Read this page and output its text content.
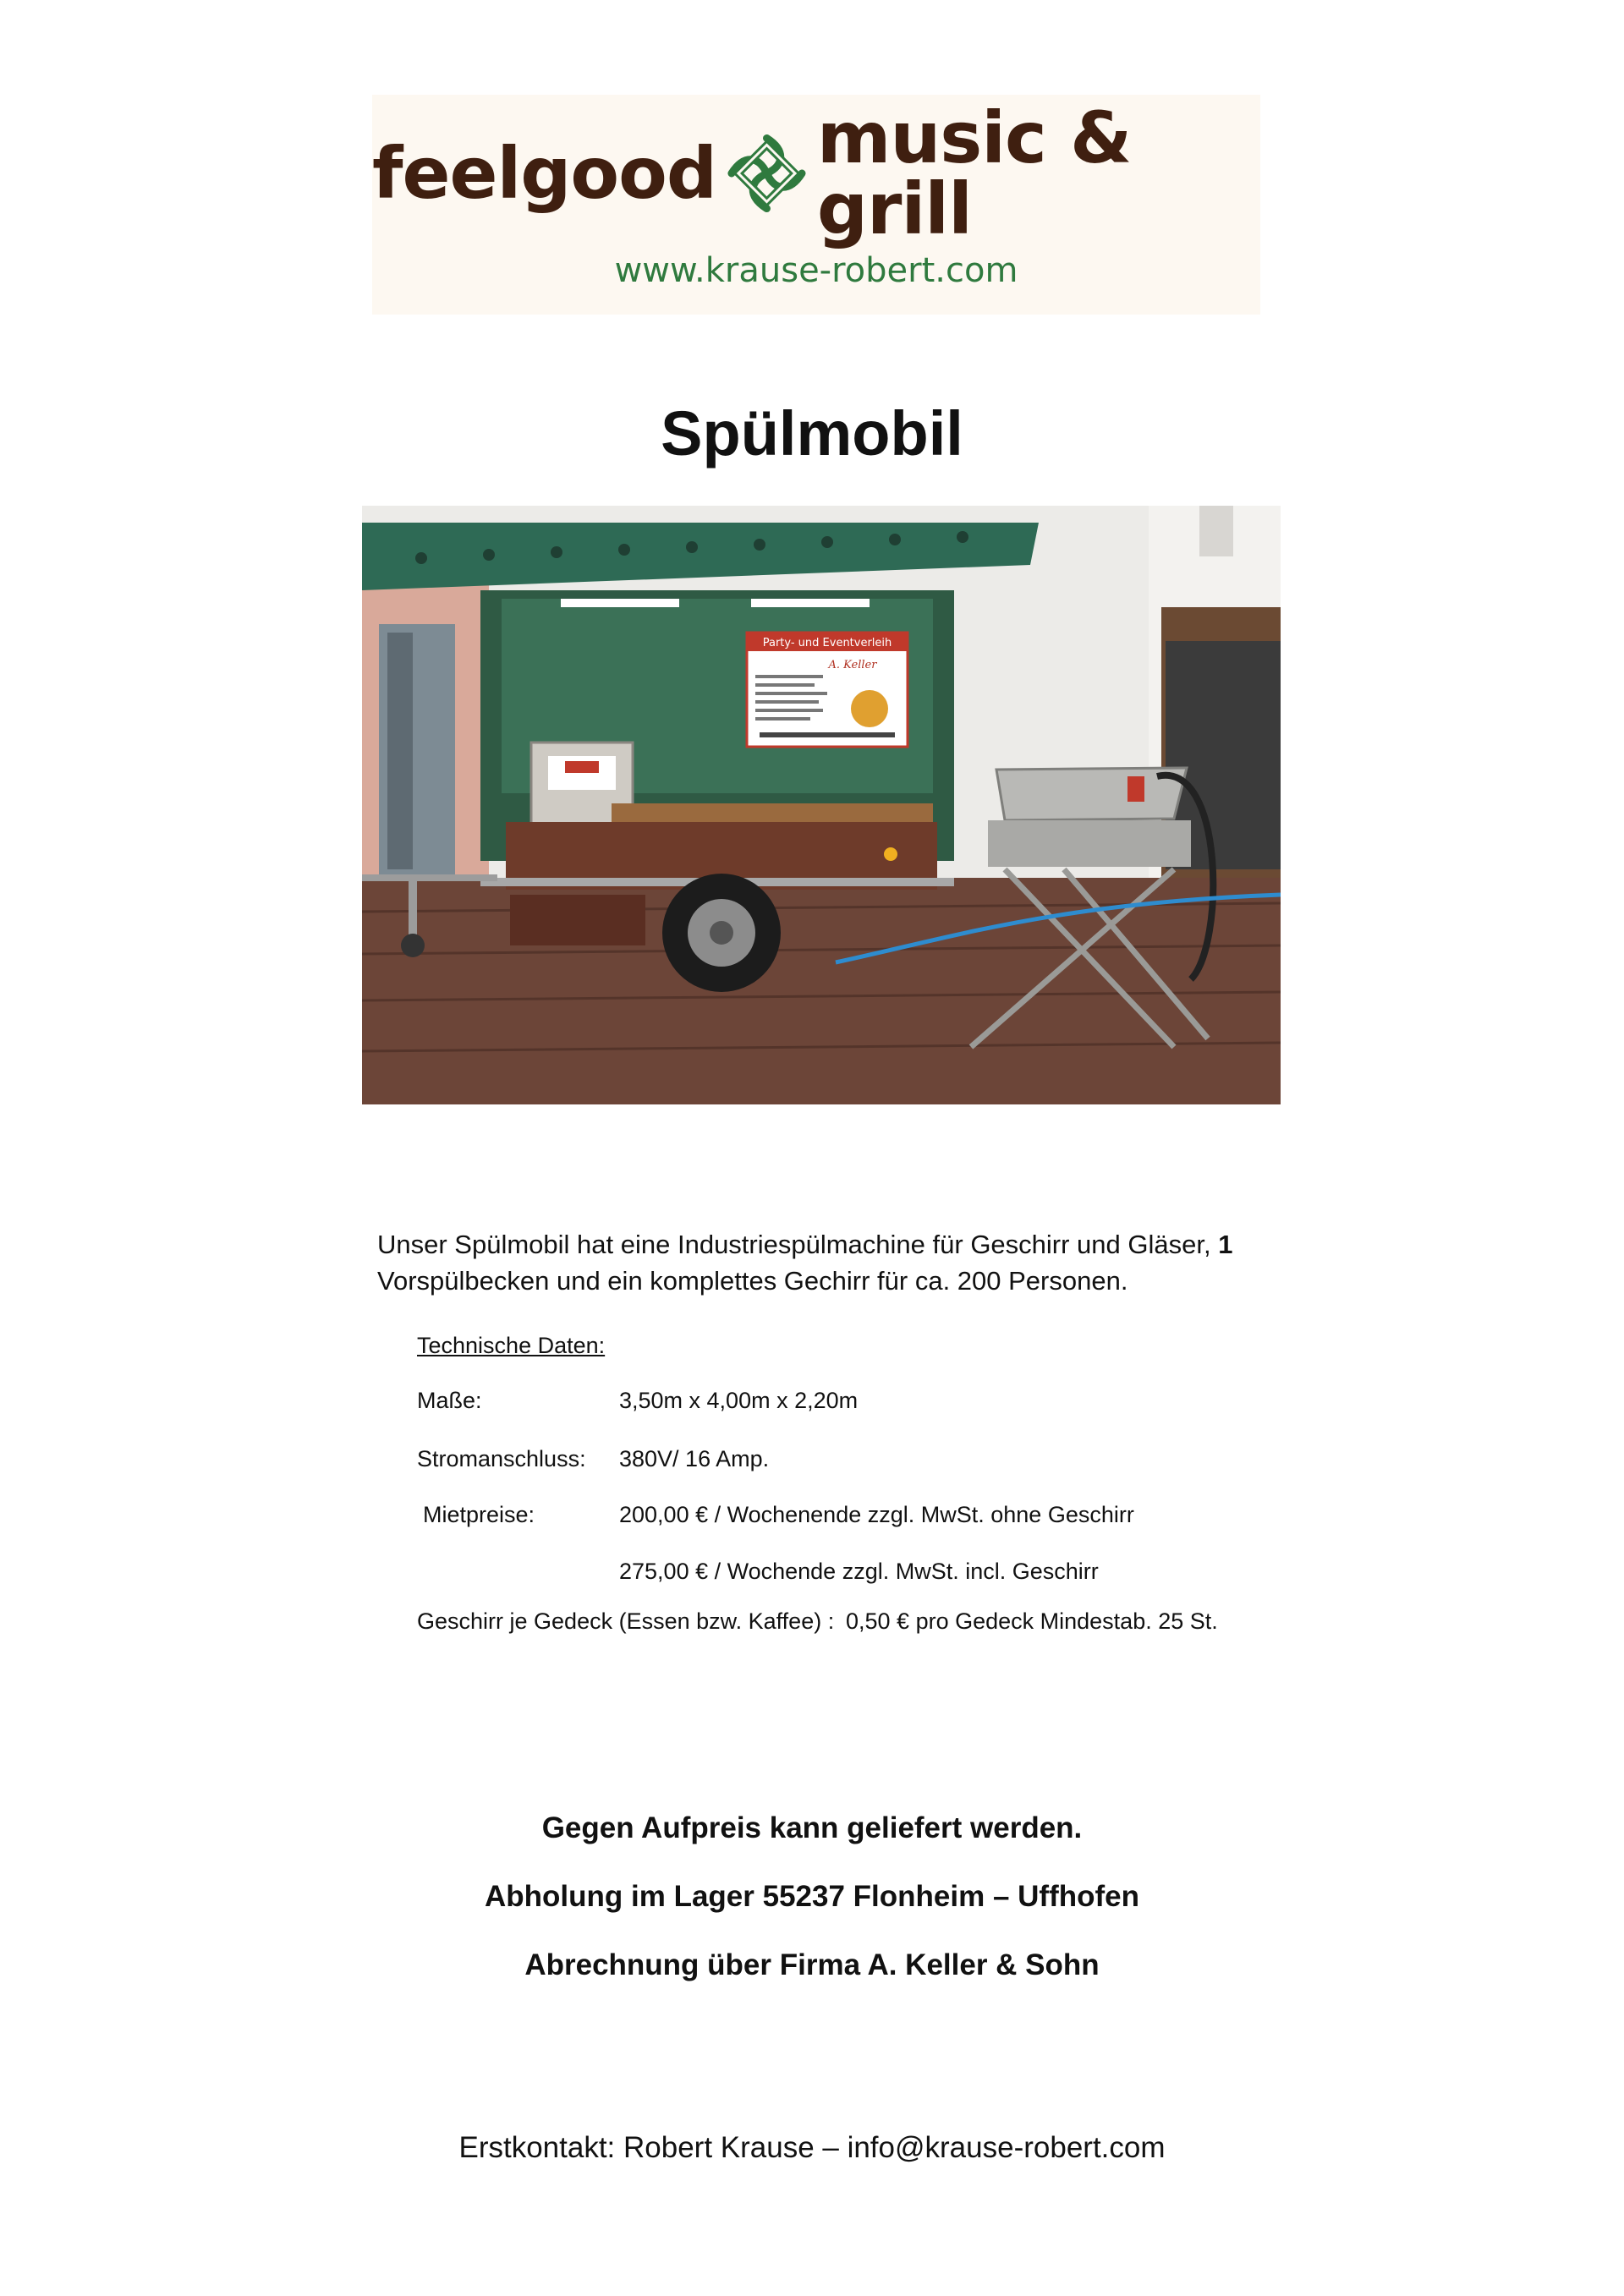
feelgood music & grill
www.krause-robert.com
Spülmobil
Party- und Eventverleih
A. Keller
Unser Spülmobil hat eine Industriespülmachine für Geschirr und Gläser, 1
Vorspülbecken und ein komplettes Gechirr für ca. 200 Personen.
Technische Daten:
Maße:	3,50m x 4,00m x 2,20m
Stromanschluss: 380V/ 16 Amp.
Mietpreise:	200,00 € / Wochenende zzgl. MwSt. ohne Geschirr
275,00 € / Wochende zzgl. MwSt. incl. Geschirr
Geschirr je Gedeck (Essen bzw. Kaffee) : 0,50 € pro Gedeck Mindestab. 25 St.
Gegen Aufpreis kann geliefert werden.
Abholung im Lager 55237 Flonheim – Uffhofen
Abrechnung über Firma A. Keller & Sohn
Erstkontakt: Robert Krause – info@krause-robert.com
